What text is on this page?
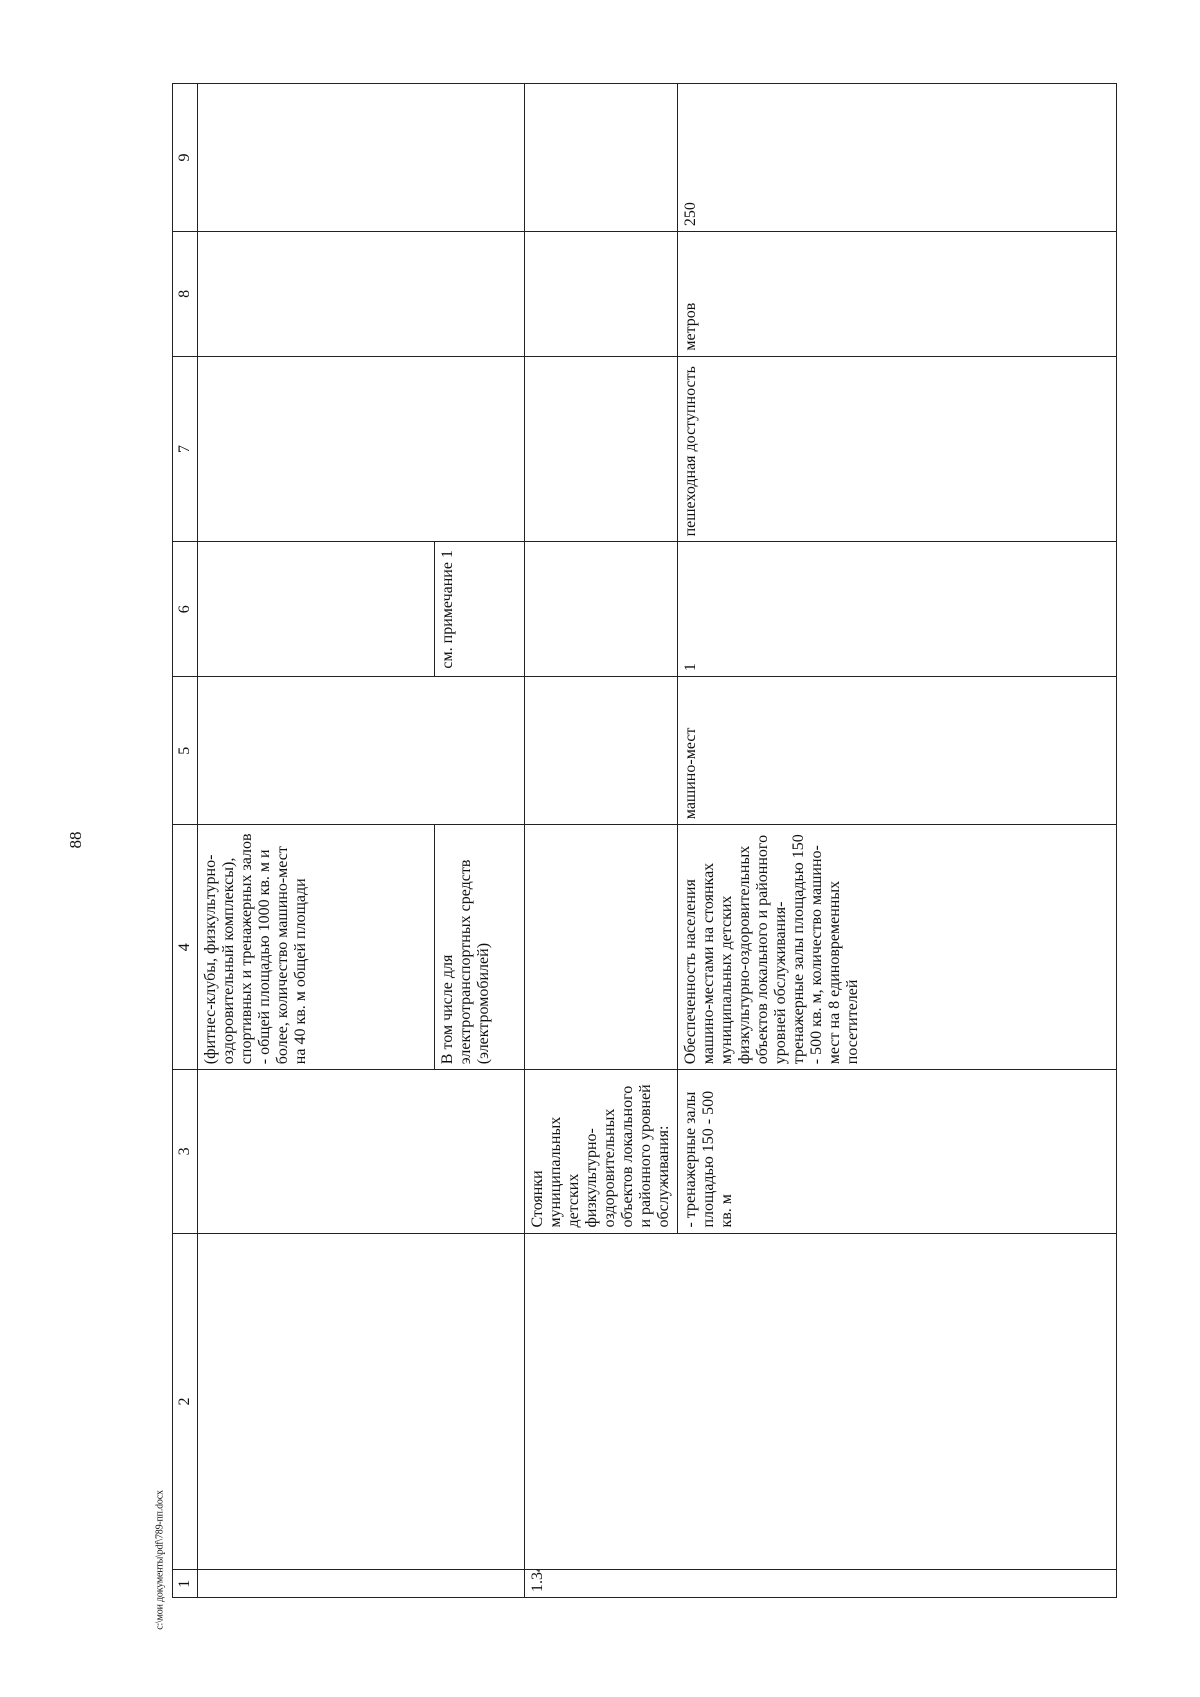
88
1	2	3	4	5	6	7	8	9
			(фитнес-клубы, физкультурно-оздоровительный комплексы), спортивных и тренажерных залов - общей площадью 1000 кв. м и более, количество машино-мест на 40 кв. м общей площади					
			В том числе для электротранспортных средств (электромобилей)		см. примечание 1			
1.34		Стоянки муниципальных детских физкультурно-оздоровительных объектов локального и районного уровней обслуживания:						
		- тренажерные залы площадью 150 - 500 кв. м	Обеспеченность населения машино-местами на стоянках муниципальных детских физкультурно-оздоровительных объектов локального и районного уровней обслуживания-тренажерные залы площадью 150 - 500 кв. м, количество машино-мест на 8 единовременных посетителей	машино-мест	1	пешеходная доступность	метров	250
c:\мои документы\pdf\789-пп.docx
